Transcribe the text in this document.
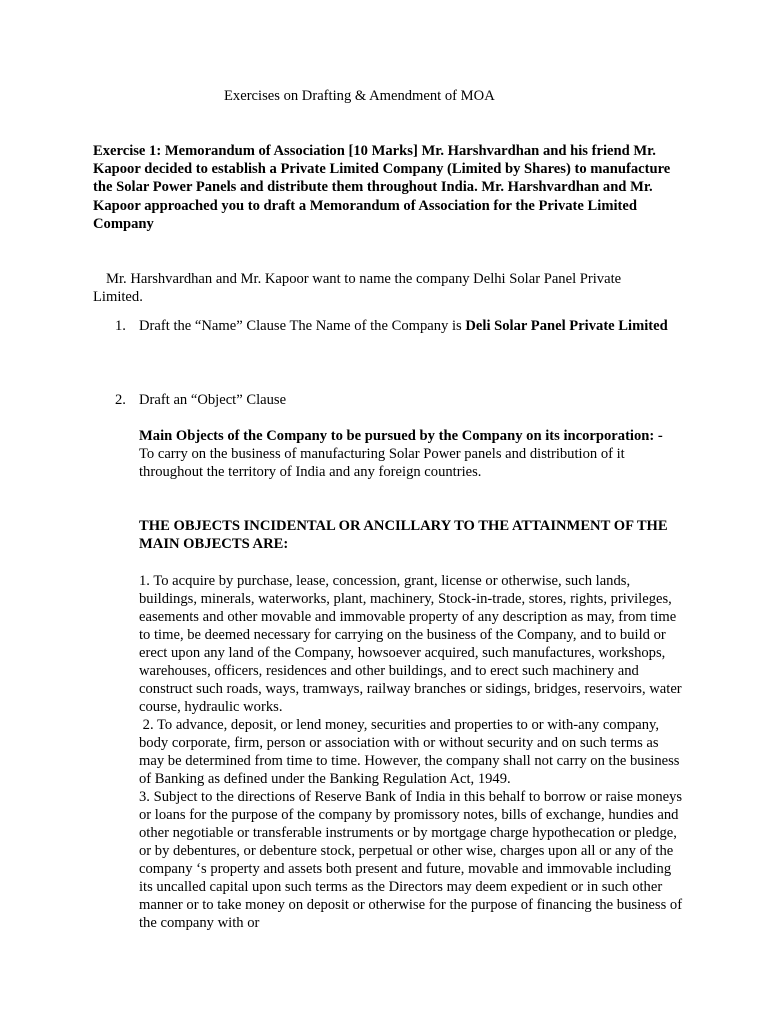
Exercises on Drafting & Amendment of MOA
Exercise 1: Memorandum of Association [10 Marks] Mr. Harshvardhan and his friend Mr. Kapoor decided to establish a Private Limited Company (Limited by Shares) to manufacture the Solar Power Panels and distribute them throughout India. Mr. Harshvardhan and Mr. Kapoor approached you to draft a Memorandum of Association for the Private Limited Company
Mr. Harshvardhan and Mr. Kapoor want to name the company Delhi Solar Panel Private Limited.
1. Draft the “Name” Clause The Name of the Company is Deli Solar Panel Private Limited
2. Draft an “Object” Clause
Main Objects of the Company to be pursued by the Company on its incorporation: -
To carry on the business of manufacturing Solar Power panels and distribution of it throughout the territory of India and any foreign countries.
THE OBJECTS INCIDENTAL OR ANCILLARY TO THE ATTAINMENT OF THE MAIN OBJECTS ARE:

1. To acquire by purchase, lease, concession, grant, license or otherwise, such lands, buildings, minerals, waterworks, plant, machinery, Stock-in-trade, stores, rights, privileges, easements and other movable and immovable property of any description as may, from time to time, be deemed necessary for carrying on the business of the Company, and to build or erect upon any land of the Company, howsoever acquired, such manufactures, workshops, warehouses, officers, residences and other buildings, and to erect such machinery and construct such roads, ways, tramways, railway branches or sidings, bridges, reservoirs, water course, hydraulic works.

2. To advance, deposit, or lend money, securities and properties to or with-any company, body corporate, firm, person or association with or without security and on such terms as may be determined from time to time. However, the company shall not carry on the business of Banking as defined under the Banking Regulation Act, 1949.

3. Subject to the directions of Reserve Bank of India in this behalf to borrow or raise moneys or loans for the purpose of the company by promissory notes, bills of exchange, hundies and other negotiable or transferable instruments or by mortgage charge hypothecation or pledge, or by debentures, or debenture stock, perpetual or other wise, charges upon all or any of the company ‘s property and assets both present and future, movable and immovable including its uncalled capital upon such terms as the Directors may deem expedient or in such other manner or to take money on deposit or otherwise for the purpose of financing the business of the company with or
